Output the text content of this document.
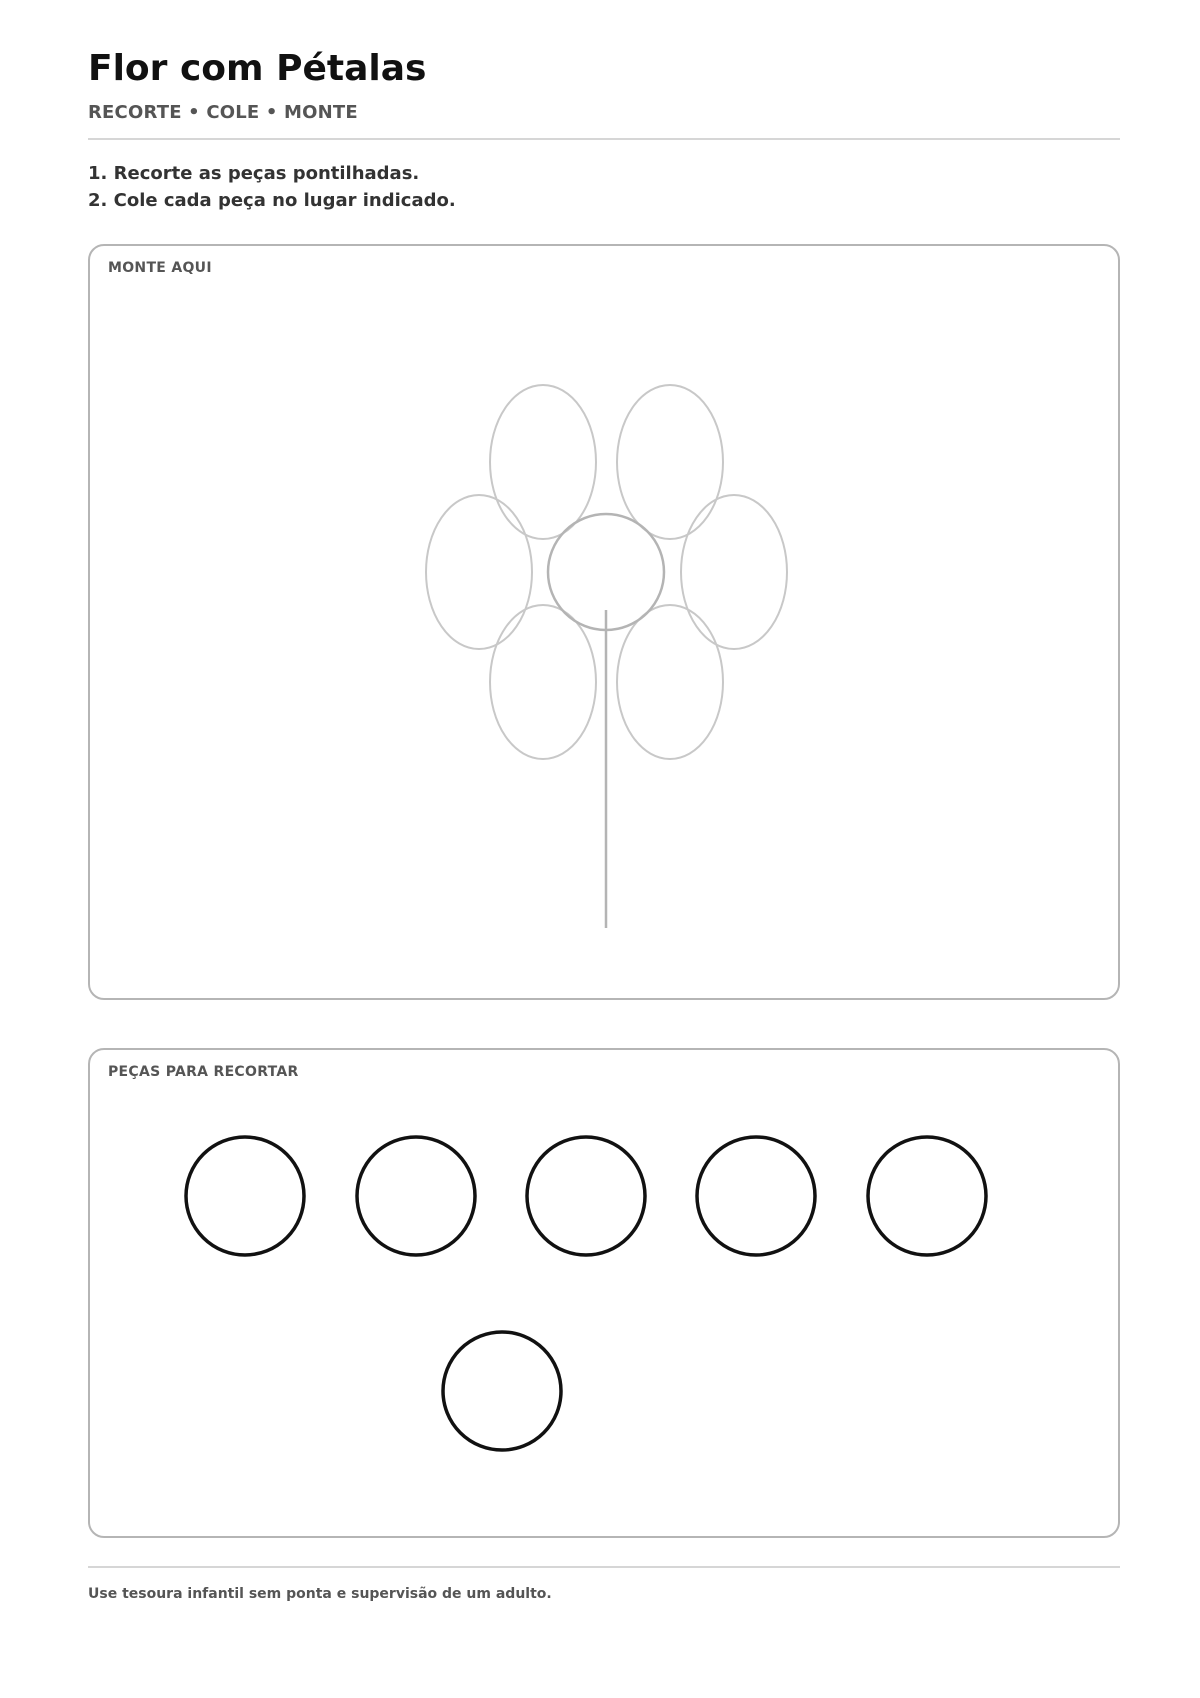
Flor com Pétalas
RECORTE • COLE • MONTE
1. Recorte as peças pontilhadas.
2. Cole cada peça no lugar indicado.
MONTE AQUI
PEÇAS PARA RECORTAR
Use tesoura infantil sem ponta e supervisão de um adulto.
